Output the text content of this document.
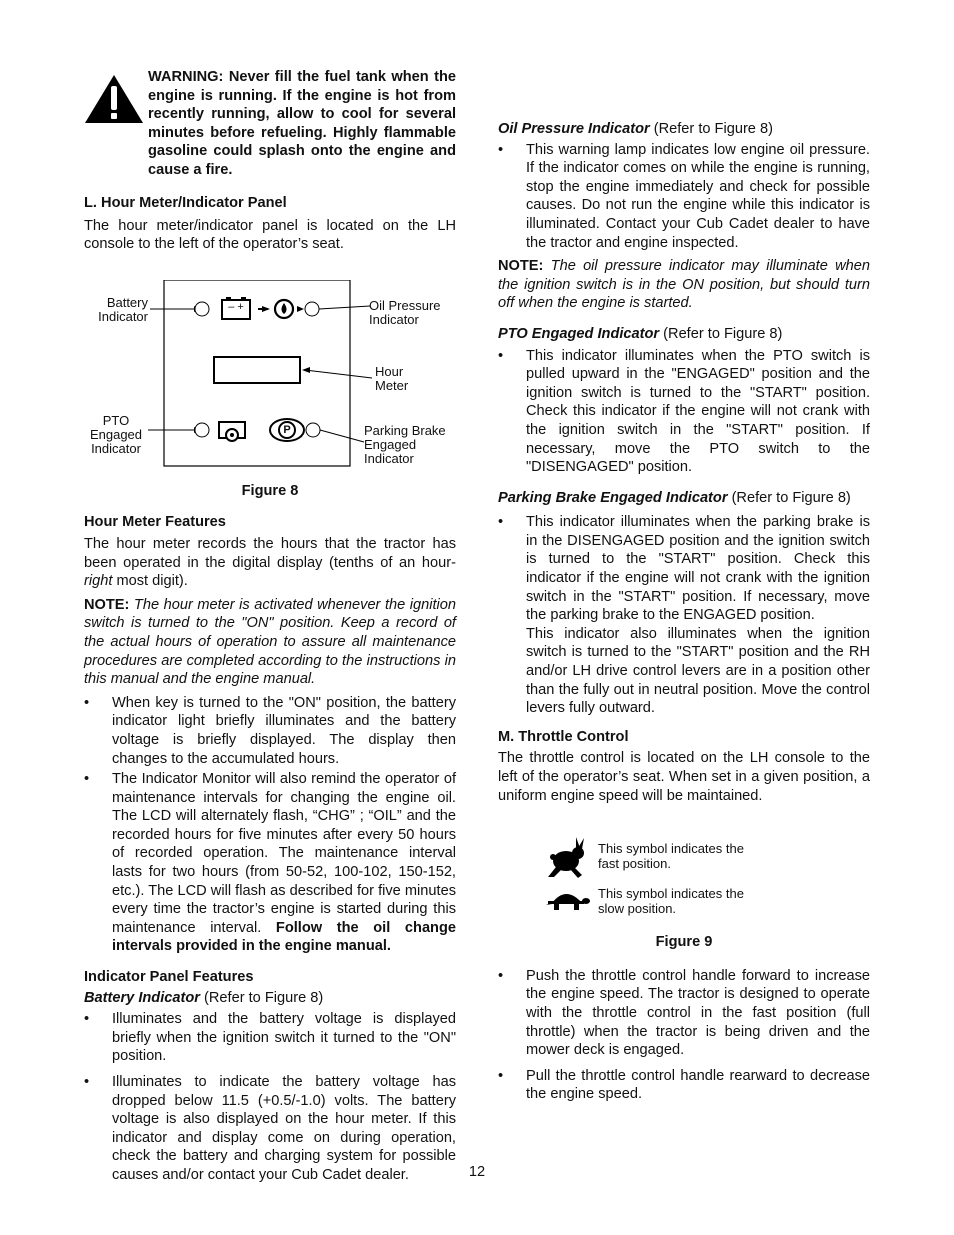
WARNING: Never fill the fuel tank when the engine is running. If the engine is hot from recently running, allow to cool for several minutes before refueling. Highly flammable gasoline could splash onto the engine and cause a fire.
L. Hour Meter/Indicator Panel

The hour meter/indicator panel is located on the LH console to the left of the operator’s seat.

Battery
Indicator
– +
P
Oil Pressure
Indicator
Hour
Meter
PTO
Engaged
Indicator
Parking Brake
Engaged
Indicator
Figure 8
Hour Meter Features

The hour meter records the hours that the tractor has been operated in the digital display (tenths of an hour-right most digit).

NOTE: The hour meter is activated whenever the ignition switch is turned to the "ON" position. Keep a record of the actual hours of operation to assure all maintenance procedures are completed according to the instructions in this manual and the engine manual.

• When key is turned to the "ON" position, the battery indicator light briefly illuminates and the battery voltage is briefly displayed. The display then changes to the accumulated hours.
• The Indicator Monitor will also remind the operator of maintenance intervals for changing the engine oil. The LCD will alternately flash, “CHG” ; “OIL” and the recorded hours for five minutes after every 50 hours of recorded operation. The maintenance interval lasts for two hours (from 50-52, 100-102, 150-152, etc.). The LCD will flash as described for five minutes every time the tractor’s engine is started during this maintenance interval. Follow the oil change intervals provided in the engine manual.
Indicator Panel Features
Battery Indicator (Refer to Figure 8)
• Illuminates and the battery voltage is displayed briefly when the ignition switch it turned to the "ON" position.
• Illuminates to indicate the battery voltage has dropped below 11.5 (+0.5/-1.0) volts. The battery voltage is also displayed on the hour meter. If this indicator and display come on during operation, check the battery and charging system for possible causes and/or contact your Cub Cadet dealer.
Oil Pressure Indicator (Refer to Figure 8)
• This warning lamp indicates low engine oil pressure. If the indicator comes on while the engine is running, stop the engine immediately and check for possible causes. Do not run the engine while this indicator is illuminated. Contact your Cub Cadet dealer to have the tractor and engine inspected.

NOTE: The oil pressure indicator may illuminate when the ignition switch is in the ON position, but should turn off when the engine is started.

PTO Engaged Indicator (Refer to Figure 8)
• This indicator illuminates when the PTO switch is pulled upward in the "ENGAGED" position and the ignition switch is turned to the "START" position. Check this indicator if the engine will not crank with the ignition switch in the "START" position. If necessary, move the PTO switch to the "DISENGAGED" position.
Parking Brake Engaged Indicator (Refer to Figure 8)
• This indicator illuminates when the parking brake is in the DISENGAGED position and the ignition switch is turned to the "START" position. Check this indicator if the engine will not crank with the ignition switch in the "START" position. If necessary, move the parking brake to the ENGAGED position.
This indicator also illuminates when the ignition switch is turned to the "START" position and the RH and/or LH drive control levers are in a position other than the fully out in neutral position. Move the control levers fully outward.
M. Throttle Control

The throttle control is located on the LH console to the left of the operator’s seat. When set in a given position, a uniform engine speed will be maintained.

This symbol indicates the
fast position.
This symbol indicates the
slow position.
Figure 9
• Push the throttle control handle forward to increase the engine speed. The tractor is designed to operate with the throttle control in the fast position (full throttle) when the tractor is being driven and the mower deck is engaged.
• Pull the throttle control handle rearward to decrease the engine speed.
12
